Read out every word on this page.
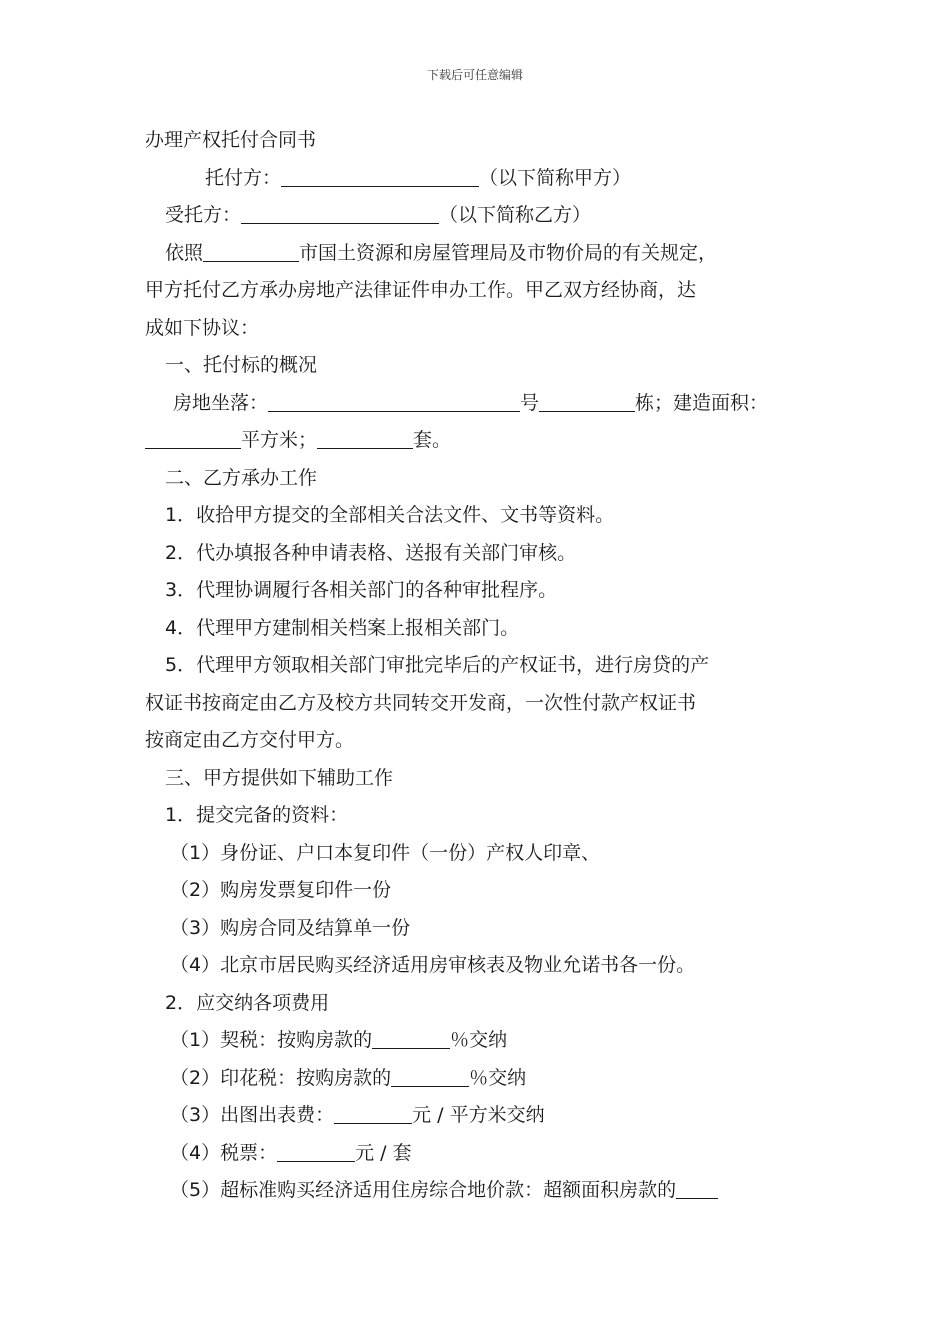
下载后可任意编辑
办理产权托付合同书
托付方：	（以下简称甲方）
受托方：	（以下简称乙方）
依照	市国土资源和房屋管理局及市物价局的有关规定，
甲方托付乙方承办房地产法律证件申办工作。甲乙双方经协商，达
成如下协议：
一、托付标的概况
房地坐落：	号	栋；建造面积：
平方米；	套。
二、乙方承办工作
1．收拾甲方提交的全部相关合法文件、文书等资料。
2．代办填报各种申请表格、送报有关部门审核。
3．代理协调履行各相关部门的各种审批程序。
4．代理甲方建制相关档案上报相关部门。
5．代理甲方领取相关部门审批完毕后的产权证书，进行房贷的产
权证书按商定由乙方及校方共同转交开发商，一次性付款产权证书
按商定由乙方交付甲方。
三、甲方提供如下辅助工作
1．提交完备的资料：
（1）身份证、户口本复印件（一份）产权人印章、
（2）购房发票复印件一份
（3）购房合同及结算单一份
（4）北京市居民购买经济适用房审核表及物业允诺书各一份。
2．应交纳各项费用
（1）契税：按购房款的	％交纳
（2）印花税：按购房款的	％交纳
（3）出图出表费：	元 / 平方米交纳
（4）税票：	元 / 套
（5）超标准购买经济适用住房综合地价款：超额面积房款的
